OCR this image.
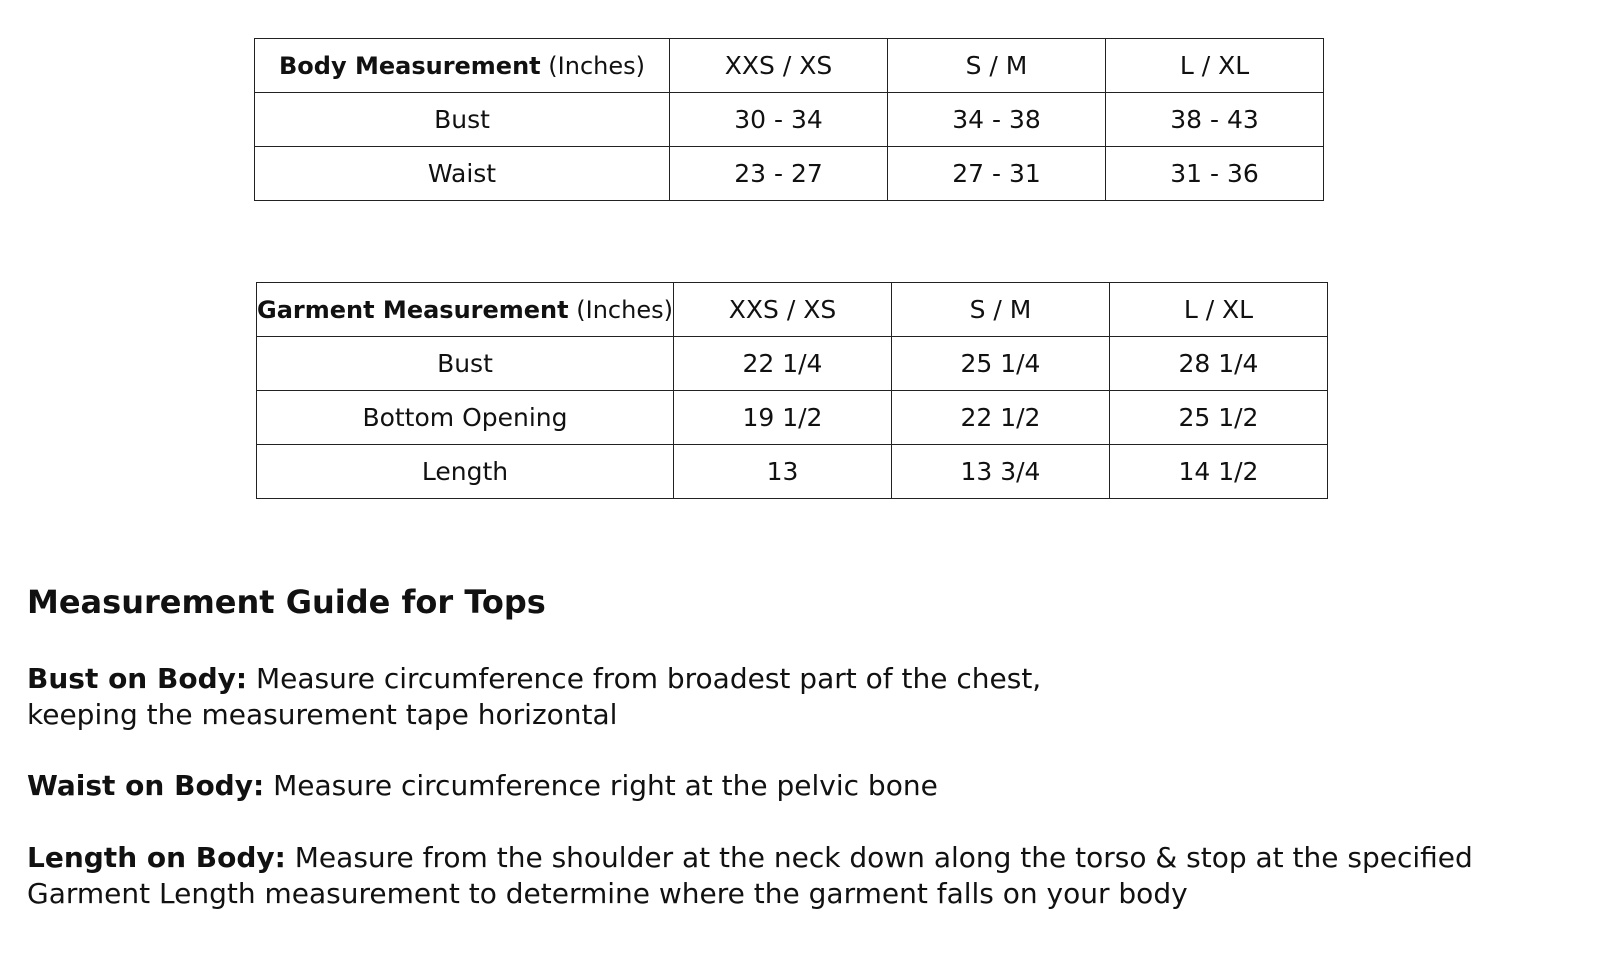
Body Measurement (Inches)	XXS / XS	S / M	L / XL
Bust	30 - 34	34 - 38	38 - 43
Waist	23 - 27	27 - 31	31 - 36
Garment Measurement (Inches)	XXS / XS	S / M	L / XL
Bust	22 1/4	25 1/4	28 1/4
Bottom Opening	19 1/2	22 1/2	25 1/2
Length	13	13 3/4	14 1/2
Measurement Guide for Tops

Bust on Body: Measure circumference from broadest part of the chest,
keeping the measurement tape horizontal

Waist on Body: Measure circumference right at the pelvic bone

Length on Body: Measure from the shoulder at the neck down along the torso & stop at the specified
Garment Length measurement to determine where the garment falls on your body
